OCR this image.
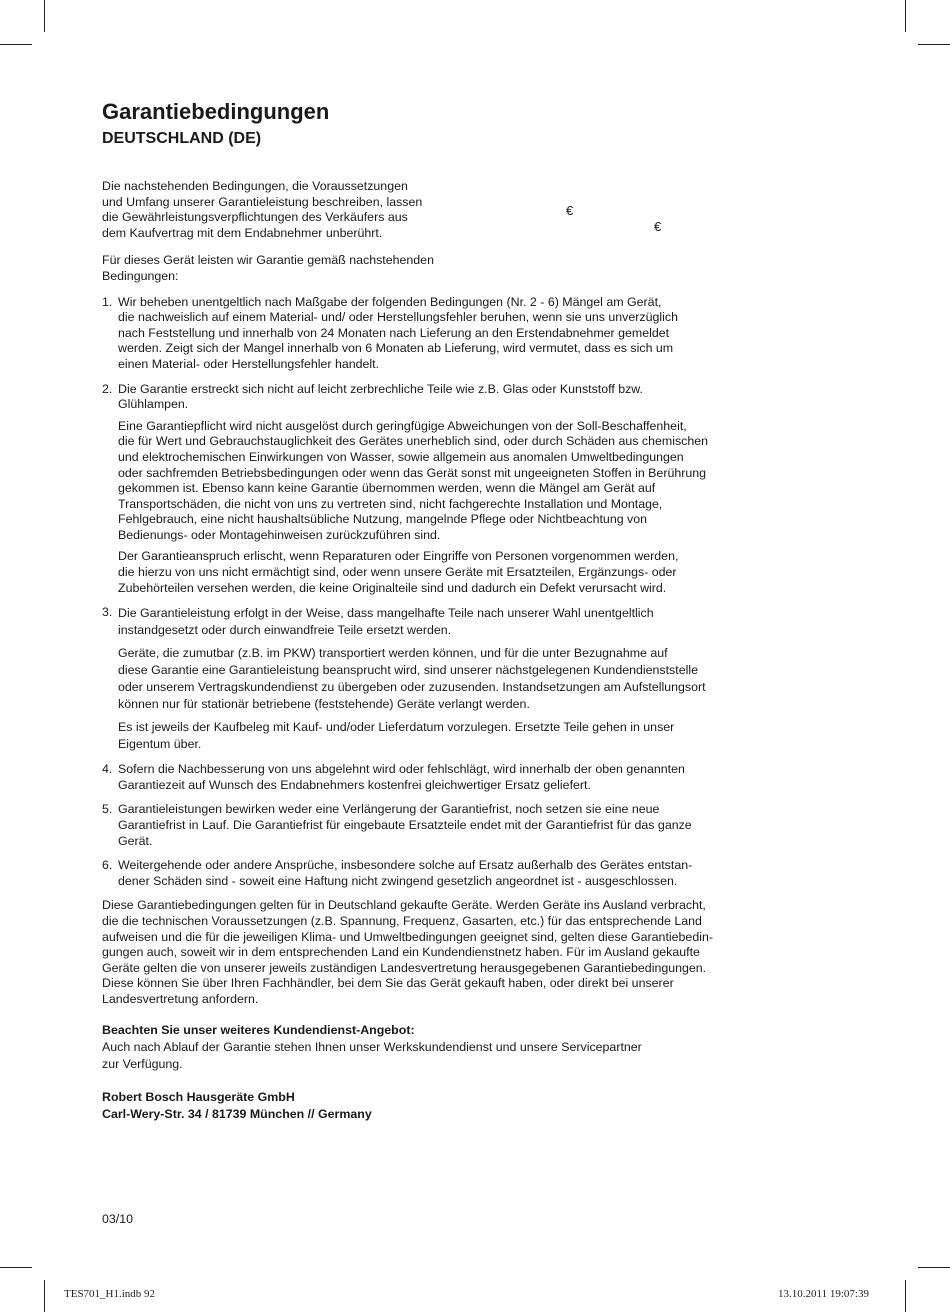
€
€
Garantiebedingungen
DEUTSCHLAND (DE)

Die nachstehenden Bedingungen, die Voraussetzungen
und Umfang unserer Garantieleistung beschreiben, lassen
die Gewährleistungsverpflichtungen des Verkäufers aus
dem Kaufvertrag mit dem Endabnehmer unberührt.

Für dieses Gerät leisten wir Garantie gemäß nachstehenden
Bedingungen:

1. Wir beheben unentgeltlich nach Maßgabe der folgenden Bedingungen (Nr. 2 - 6) Mängel am Gerät,
die nachweislich auf einem Material- und/ oder Herstellungsfehler beruhen, wenn sie uns unverzüglich
nach Feststellung und innerhalb von 24 Monaten nach Lieferung an den Erstendabnehmer gemeldet
werden. Zeigt sich der Mangel innerhalb von 6 Monaten ab Lieferung, wird vermutet, dass es sich um
einen Material- oder Herstellungsfehler handelt.

2. Die Garantie erstreckt sich nicht auf leicht zerbrechliche Teile wie z.B. Glas oder Kunststoff bzw.
Glühlampen.

Eine Garantiepflicht wird nicht ausgelöst durch geringfügige Abweichungen von der Soll-Beschaffenheit,
die für Wert und Gebrauchstauglichkeit des Gerätes unerheblich sind, oder durch Schäden aus chemischen
und elektrochemischen Einwirkungen von Wasser, sowie allgemein aus anomalen Umweltbedingungen
oder sachfremden Betriebsbedingungen oder wenn das Gerät sonst mit ungeeigneten Stoffen in Berührung
gekommen ist. Ebenso kann keine Garantie übernommen werden, wenn die Mängel am Gerät auf
Transportschäden, die nicht von uns zu vertreten sind, nicht fachgerechte Installation und Montage,
Fehlgebrauch, eine nicht haushaltsübliche Nutzung, mangelnde Pflege oder Nichtbeachtung von
Bedienungs- oder Montagehinweisen zurückzuführen sind.

Der Garantieanspruch erlischt, wenn Reparaturen oder Eingriffe von Personen vorgenommen werden,
die hierzu von uns nicht ermächtigt sind, oder wenn unsere Geräte mit Ersatzteilen, Ergänzungs- oder
Zubehörteilen versehen werden, die keine Originalteile sind und dadurch ein Defekt verursacht wird.

3. Die Garantieleistung erfolgt in der Weise, dass mangelhafte Teile nach unserer Wahl unentgeltlich
instandgesetzt oder durch einwandfreie Teile ersetzt werden.

Geräte, die zumutbar (z.B. im PKW) transportiert werden können, und für die unter Bezugnahme auf
diese Garantie eine Garantieleistung beansprucht wird, sind unserer nächstgelegenen Kundendienststelle
oder unserem Vertragskundendienst zu übergeben oder zuzusenden. Instandsetzungen am Aufstellungsort
können nur für stationär betriebene (feststehende) Geräte verlangt werden.

Es ist jeweils der Kaufbeleg mit Kauf- und/oder Lieferdatum vorzulegen. Ersetzte Teile gehen in unser
Eigentum über.

4. Sofern die Nachbesserung von uns abgelehnt wird oder fehlschlägt, wird innerhalb der oben genannten
Garantiezeit auf Wunsch des Endabnehmers kostenfrei gleichwertiger Ersatz geliefert.

5. Garantieleistungen bewirken weder eine Verlängerung der Garantiefrist, noch setzen sie eine neue
Garantiefrist in Lauf. Die Garantiefrist für eingebaute Ersatzteile endet mit der Garantiefrist für das ganze
Gerät.

6. Weitergehende oder andere Ansprüche, insbesondere solche auf Ersatz außerhalb des Gerätes entstan-
dener Schäden sind - soweit eine Haftung nicht zwingend gesetzlich angeordnet ist - ausgeschlossen.

Diese Garantiebedingungen gelten für in Deutschland gekaufte Geräte. Werden Geräte ins Ausland verbracht,
die die technischen Voraussetzungen (z.B. Spannung, Frequenz, Gasarten, etc.) für das entsprechende Land
aufweisen und die für die jeweiligen Klima- und Umweltbedingungen geeignet sind, gelten diese Garantiebedin-
gungen auch, soweit wir in dem entsprechenden Land ein Kundendienstnetz haben. Für im Ausland gekaufte
Geräte gelten die von unserer jeweils zuständigen Landesvertretung herausgegebenen Garantiebedingungen.
Diese können Sie über Ihren Fachhändler, bei dem Sie das Gerät gekauft haben, oder direkt bei unserer
Landesvertretung anfordern.

Beachten Sie unser weiteres Kundendienst-Angebot:
Auch nach Ablauf der Garantie stehen Ihnen unser Werkskundendienst und unsere Servicepartner
zur Verfügung.

Robert Bosch Hausgeräte GmbH
Carl-Wery-Str. 34 / 81739 München // Germany

03/10
TES701_H1.indb 92	13.10.2011 19:07:39
